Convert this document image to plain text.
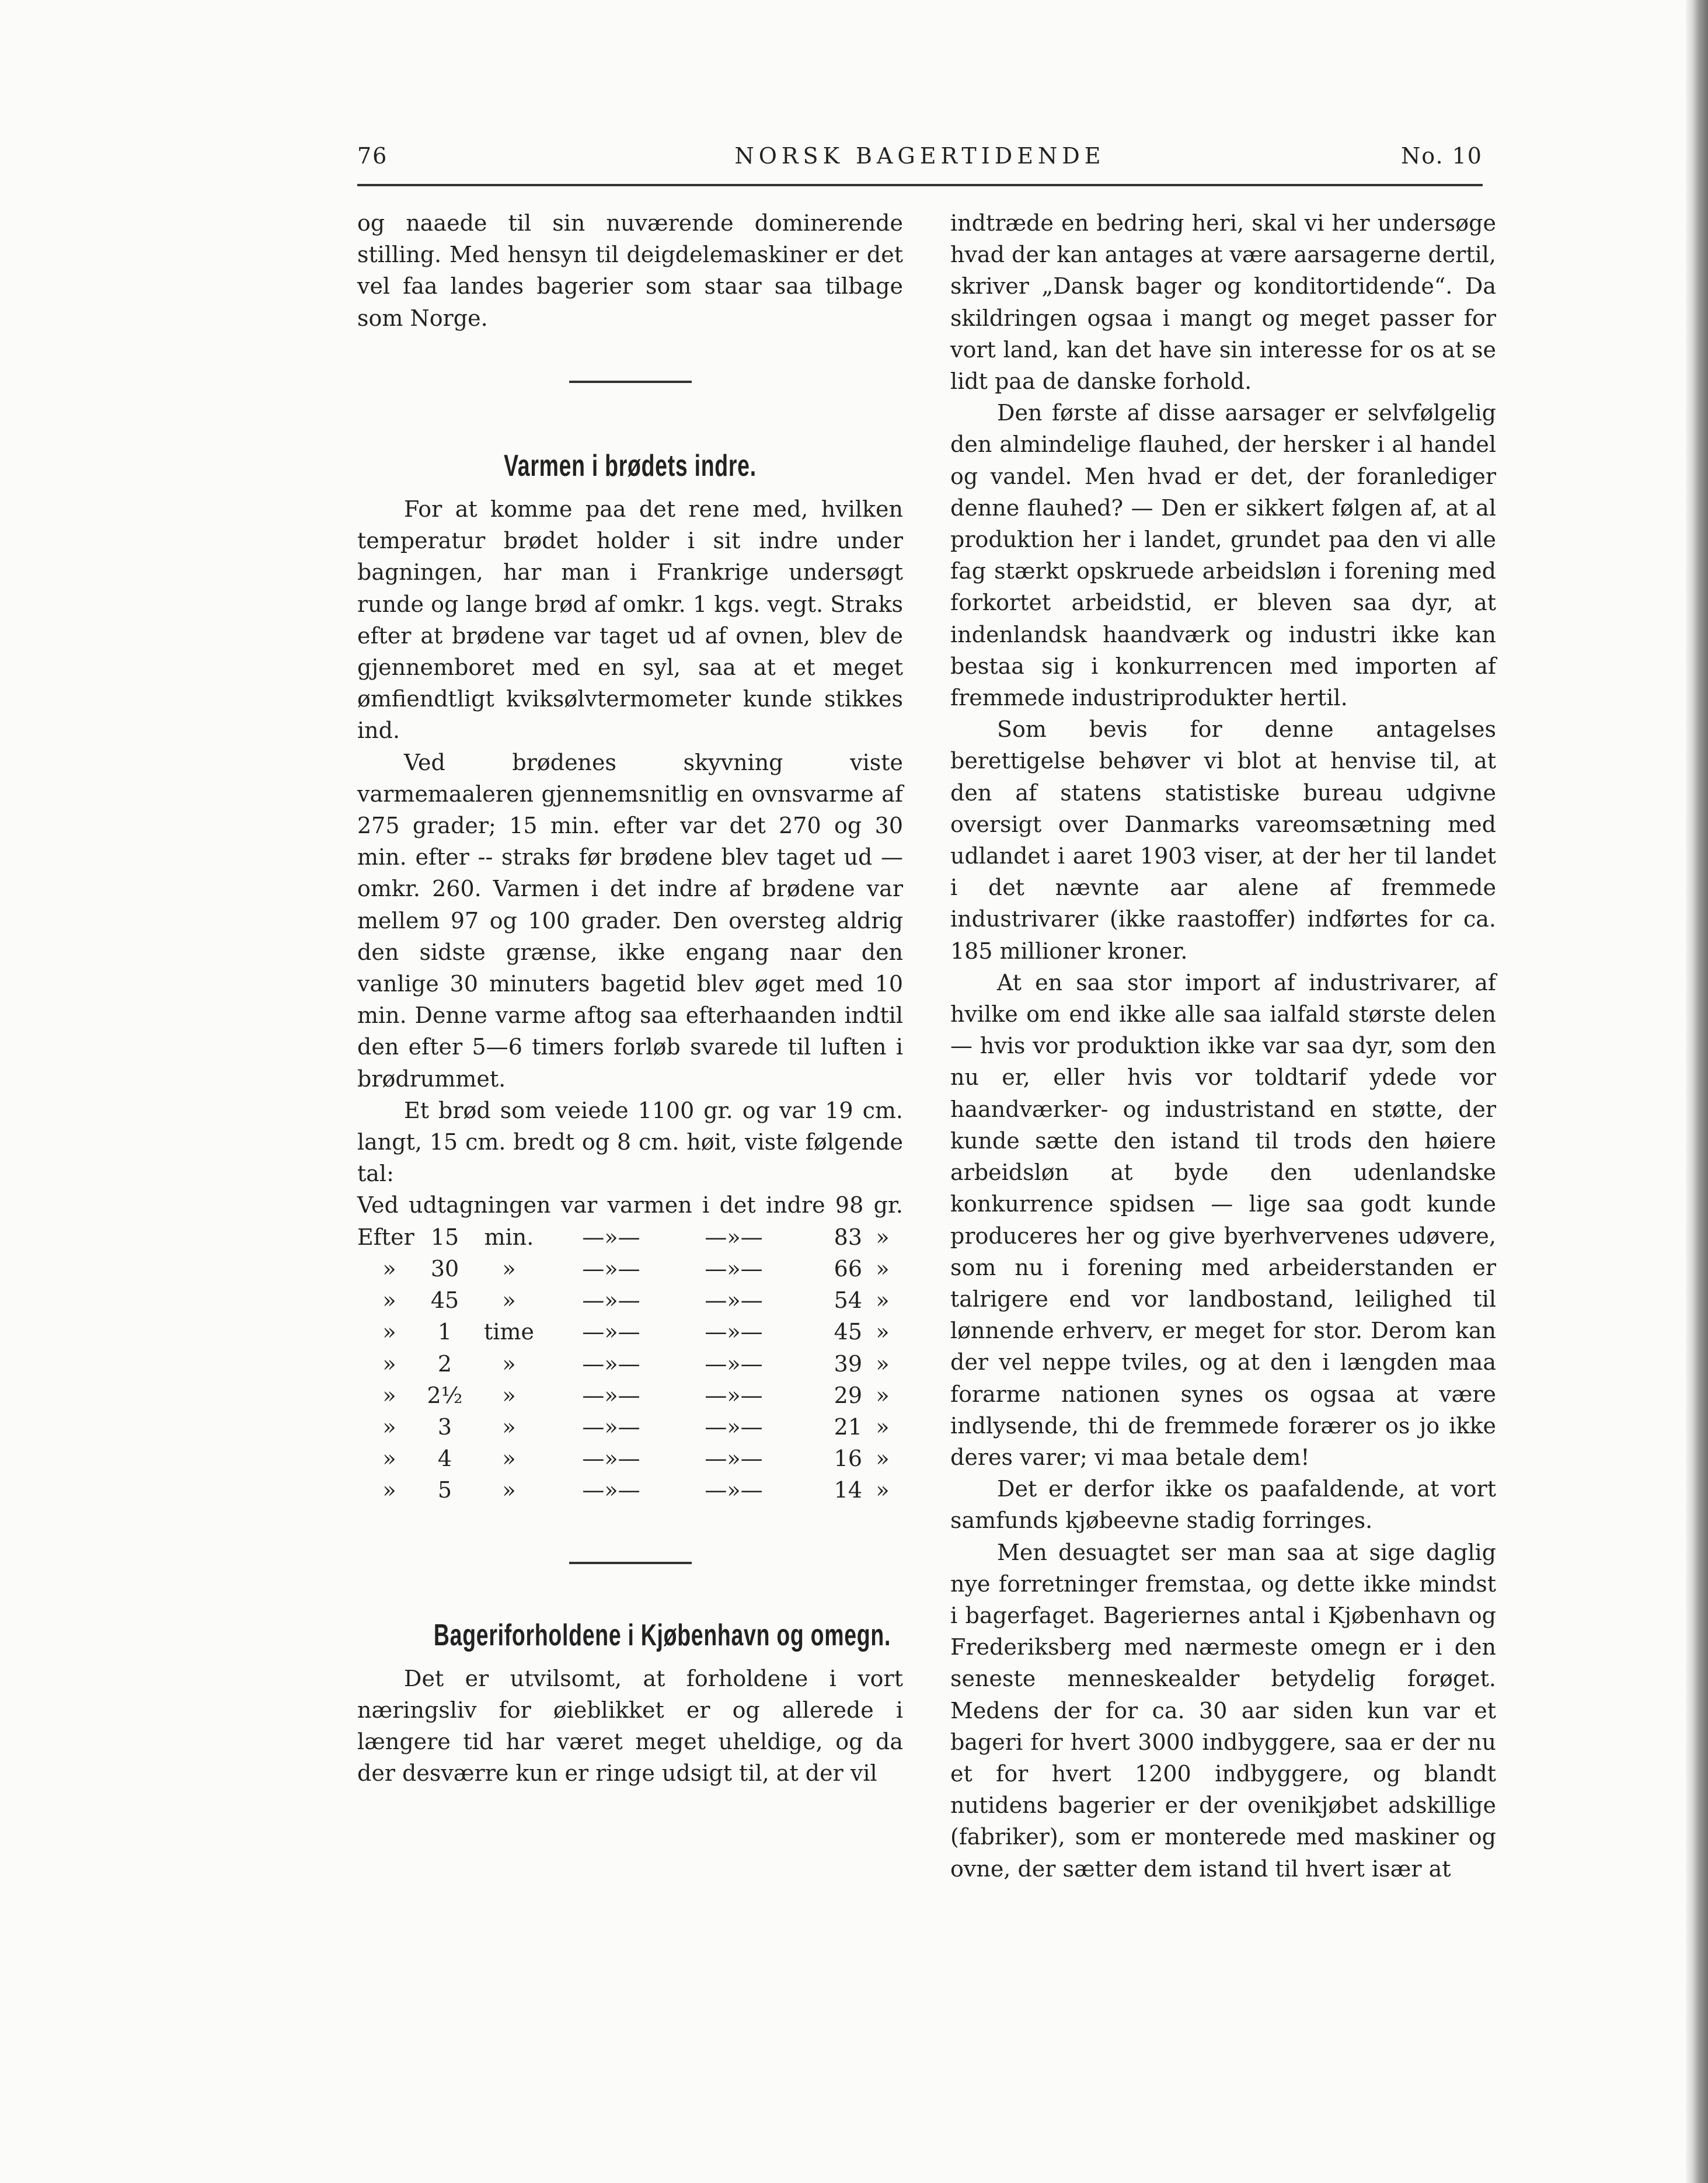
76	NORSK BAGERTIDENDE	No. 10

og naaede til sin nuværende dominerende stilling. Med hensyn til deigdelemaskiner er det vel faa landes bagerier som staar saa tilbage som Norge.

Varmen i brødets indre.

For at komme paa det rene med, hvilken temperatur brødet holder i sit indre under bagningen, har man i Frankrige undersøgt runde og lange brød af omkr. 1 kgs. vegt. Straks efter at brødene var taget ud af ovnen, blev de gjennemboret med en syl, saa at et meget ømfiendtligt kviksølvtermometer kunde stikkes ind.

Ved brødenes skyvning viste varmemaaleren gjennemsnitlig en ovnsvarme af 275 grader; 15 min. efter var det 270 og 30 min. efter -- straks før brødene blev taget ud — omkr. 260. Varmen i det indre af brødene var mellem 97 og 100 grader. Den oversteg aldrig den sidste grænse, ikke engang naar den vanlige 30 minuters bagetid blev øget med 10 min. Denne varme aftog saa efterhaanden indtil den efter 5—6 timers forløb svarede til luften i brødrummet.

Et brød som veiede 1100 gr. og var 19 cm. langt, 15 cm. bredt og 8 cm. høit, viste følgende tal:

Ved udtagningen var varmen i det indre 98 gr.
Efter	15	min.	—»—	—»—	83	»
»	30	»	—»—	—»—	66	»
»	45	»	—»—	—»—	54	»
»	1	time	—»—	—»—	45	»
»	2	»	—»—	—»—	39	»
»	2½	»	—»—	—»—	29	»
»	3	»	—»—	—»—	21	»
»	4	»	—»—	—»—	16	»
»	5	»	—»—	—»—	14	»
Bageriforholdene i Kjøbenhavn og omegn.

Det er utvilsomt, at forholdene i vort næringsliv for øieblikket er og allerede i længere tid har været meget uheldige, og da der desværre kun er ringe udsigt til, at der vil

indtræde en bedring heri, skal vi her undersøge hvad der kan antages at være aarsagerne dertil, skriver „Dansk bager og konditortidende“. Da skildringen ogsaa i mangt og meget passer for vort land, kan det have sin interesse for os at se lidt paa de danske forhold.

Den første af disse aarsager er selvfølgelig den almindelige flauhed, der hersker i al handel og vandel. Men hvad er det, der foranlediger denne flauhed? — Den er sikkert følgen af, at al produktion her i landet, grundet paa den vi alle fag stærkt opskruede arbeidsløn i forening med forkortet arbeidstid, er bleven saa dyr, at indenlandsk haandværk og industri ikke kan bestaa sig i konkurrencen med importen af fremmede industriprodukter hertil.

Som bevis for denne antagelses berettigelse behøver vi blot at henvise til, at den af statens statistiske bureau udgivne oversigt over Danmarks vareomsætning med udlandet i aaret 1903 viser, at der her til landet i det nævnte aar alene af fremmede industrivarer (ikke raastoffer) indførtes for ca. 185 millioner kroner.

At en saa stor import af industrivarer, af hvilke om end ikke alle saa ialfald største delen — hvis vor produktion ikke var saa dyr, som den nu er, eller hvis vor toldtarif ydede vor haandværker- og industristand en støtte, der kunde sætte den istand til trods den høiere arbeidsløn at byde den udenlandske konkurrence spidsen — lige saa godt kunde produceres her og give byerhvervenes udøvere, som nu i forening med arbeiderstanden er talrigere end vor landbostand, leilighed til lønnende erhverv, er meget for stor. Derom kan der vel neppe tviles, og at den i længden maa forarme nationen synes os ogsaa at være indlysende, thi de fremmede forærer os jo ikke deres varer; vi maa betale dem!

Det er derfor ikke os paafaldende, at vort samfunds kjøbeevne stadig forringes.

Men desuagtet ser man saa at sige daglig nye forretninger fremstaa, og dette ikke mindst i bagerfaget. Bageriernes antal i Kjøbenhavn og Frederiksberg med nærmeste omegn er i den seneste menneskealder betydelig forøget. Medens der for ca. 30 aar siden kun var et bageri for hvert 3000 indbyggere, saa er der nu et for hvert 1200 indbyggere, og blandt nutidens bagerier er der ovenikjøbet adskillige (fabriker), som er monterede med maskiner og ovne, der sætter dem istand til hvert især at
